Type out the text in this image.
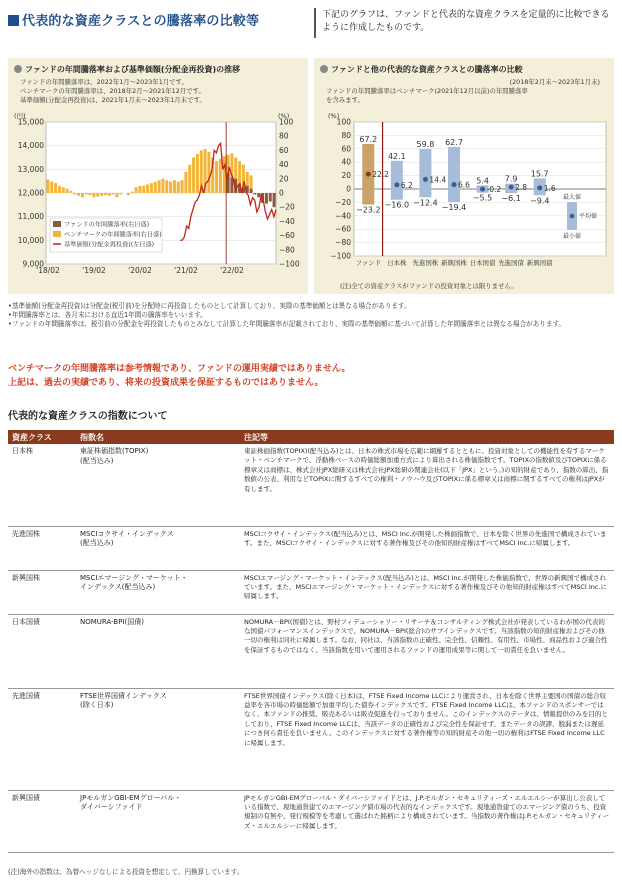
代表的な資産クラスとの騰落率の比較等	下記のグラフは、ファンドと代表的な資産クラスを定量的に比較できるように作成したものです。
ファンドの年間騰落率および基準価額(分配金再投資)の推移
ファンドの年間騰落率は、2022年1月～2023年1月です。
ベンチマークの年間騰落率は、2018年2月～2021年12月です。
基準価額(分配金再投資)は、2021年1月末～2023年1月末です。
9,000
10,000
11,000
12,000
13,000
14,000
15,000
−100
−80
−60
−40
−20
0
20
40
60
80
100
(円)	(%)
'18/02	'19/02	'20/02	'21/02	'22/02
ファンドの年間騰落率(右目盛)
ベンチマークの年間騰落率(右目盛)
基準価額(分配金再投資)(左目盛)
ファンドと他の代表的な資産クラスとの騰落率の比較
(2018年2月末～2023年1月末)
ファンドの年間騰落率はベンチマーク(2021年12月以前)の年間騰落率
を含みます。
−100
−80
−60
−40
−20
0
20
40
60
80
100
(%)
67.2
22.2
−23.2
ファンド
42.1
6.2
−16.0
日本株
59.8
14.4
−12.4
先進国株
62.7
6.6
−19.4
新興国株
5.4
-0.2
−5.5
日本国債
7.9
2.8
−6.1
先進国債
15.7
1.6
−9.4
新興国債
最大値
平均値
最小値
(注)全ての資産クラスがファンドの投資対象とは限りません。
•基準価額(分配金再投資)は分配金(税引前)を分配時に再投資したものとして計算しており、実際の基準価額とは異なる場合があります。
•年間騰落率とは、各月末における直近1年間の騰落率をいいます。
•ファンドの年間騰落率は、税引前の分配金を再投資したものとみなして計算した年間騰落率が記載されており、実際の基準価額に基づいて計算した年間騰落率とは異なる場合があります。
ベンチマークの年間騰落率は参考情報であり、ファンドの運用実績ではありません。
上記は、過去の実績であり、将来の投資成果を保証するものではありません。
代表的な資産クラスの指数について
資産クラス	指数名	注記等
日本株	東証株価指数(TOPIX)
(配当込み)	東証株価指数(TOPIX)(配当込み)とは、日本の株式市場を広範に網羅するとともに、投資対象としての機能性を有するマーケット・ベンチマークで、浮動株ベースの時価総額加重方式により算出される株価指数です。TOPIXの指数値及びTOPIXに係る標章又は商標は、株式会社JPX総研又は株式会社JPX総研の関連会社(以下「JPX」という。)の知的財産であり、指数の算出、指数値の公表、利用などTOPIXに関するすべての権利・ノウハウ及びTOPIXに係る標章又は商標に関するすべての権利はJPXが有します。
先進国株	MSCIコクサイ・インデックス
(配当込み)	MSCIコクサイ・インデックス(配当込み)とは、MSCI Inc.が開発した株価指数で、日本を除く世界の先進国で構成されています。また、MSCIコクサイ・インデックスに対する著作権及びその他知的財産権はすべてMSCI Inc.に帰属します。
新興国株	MSCIエマージング・マーケット・
インデックス(配当込み)	MSCIエマージング・マーケット・インデックス(配当込み)とは、MSCI Inc.が開発した株価指数で、世界の新興国で構成されています。また、MSCIエマージング・マーケット・インデックスに対する著作権及びその他知的財産権はすべてMSCI Inc.に帰属します。
日本国債	NOMURA-BPI(国債)	NOMURA－BPI(国債)とは、野村フィデューシャリー・リサーチ＆コンサルティング株式会社が発表しているわが国の代表的な国債パフォーマンスインデックスで、NOMURA－BPI(総合)のサブインデックスです。当該指数の知的財産権およびその他一切の権利は同社に帰属します。なお、同社は、当該指数の正確性、完全性、信頼性、有用性、市場性、商品性および適合性を保証するものではなく、当該指数を用いて運用されるファンドの運用成果等に関して一切責任を負いません。
先進国債	FTSE世界国債インデックス
(除く日本)	FTSE世界国債インデックス(除く日本)は、FTSE Fixed Income LLCにより運営され、日本を除く世界主要国の国債の総合収益率を各市場の時価総額で加重平均した債券インデックスです。FTSE Fixed Income LLCは、本ファンドのスポンサーではなく、本ファンドの推奨、販売あるいは販売促進を行っておりません。このインデックスのデータは、情報提供のみを目的としており、FTSE Fixed Income LLCは、当該データの正確性および完全性を保証せず、またデータの誤謬、脱漏または遅延につき何ら責任を負いません。このインデックスに対する著作権等の知的財産その他一切の権利はFTSE Fixed Income LLCに帰属します。
新興国債	JPモルガンGBI-EMグローバル・
ダイバーシファイド	JPモルガンGBI-EMグローバル・ダイバーシファイドとは、J.P.モルガン・セキュリティーズ・エルエルシーが算出し公表している指数で、現地通貨建てのエマージング債市場の代表的なインデックスです。現地通貨建てのエマージング債のうち、投資規制の有無や、発行規模等を考慮して選ばれた銘柄により構成されています。当指数の著作権はJ.P.モルガン・セキュリティーズ・エルエルシーに帰属します。
(注)海外の指数は、為替ヘッジなしによる投資を想定して、円換算しています。
